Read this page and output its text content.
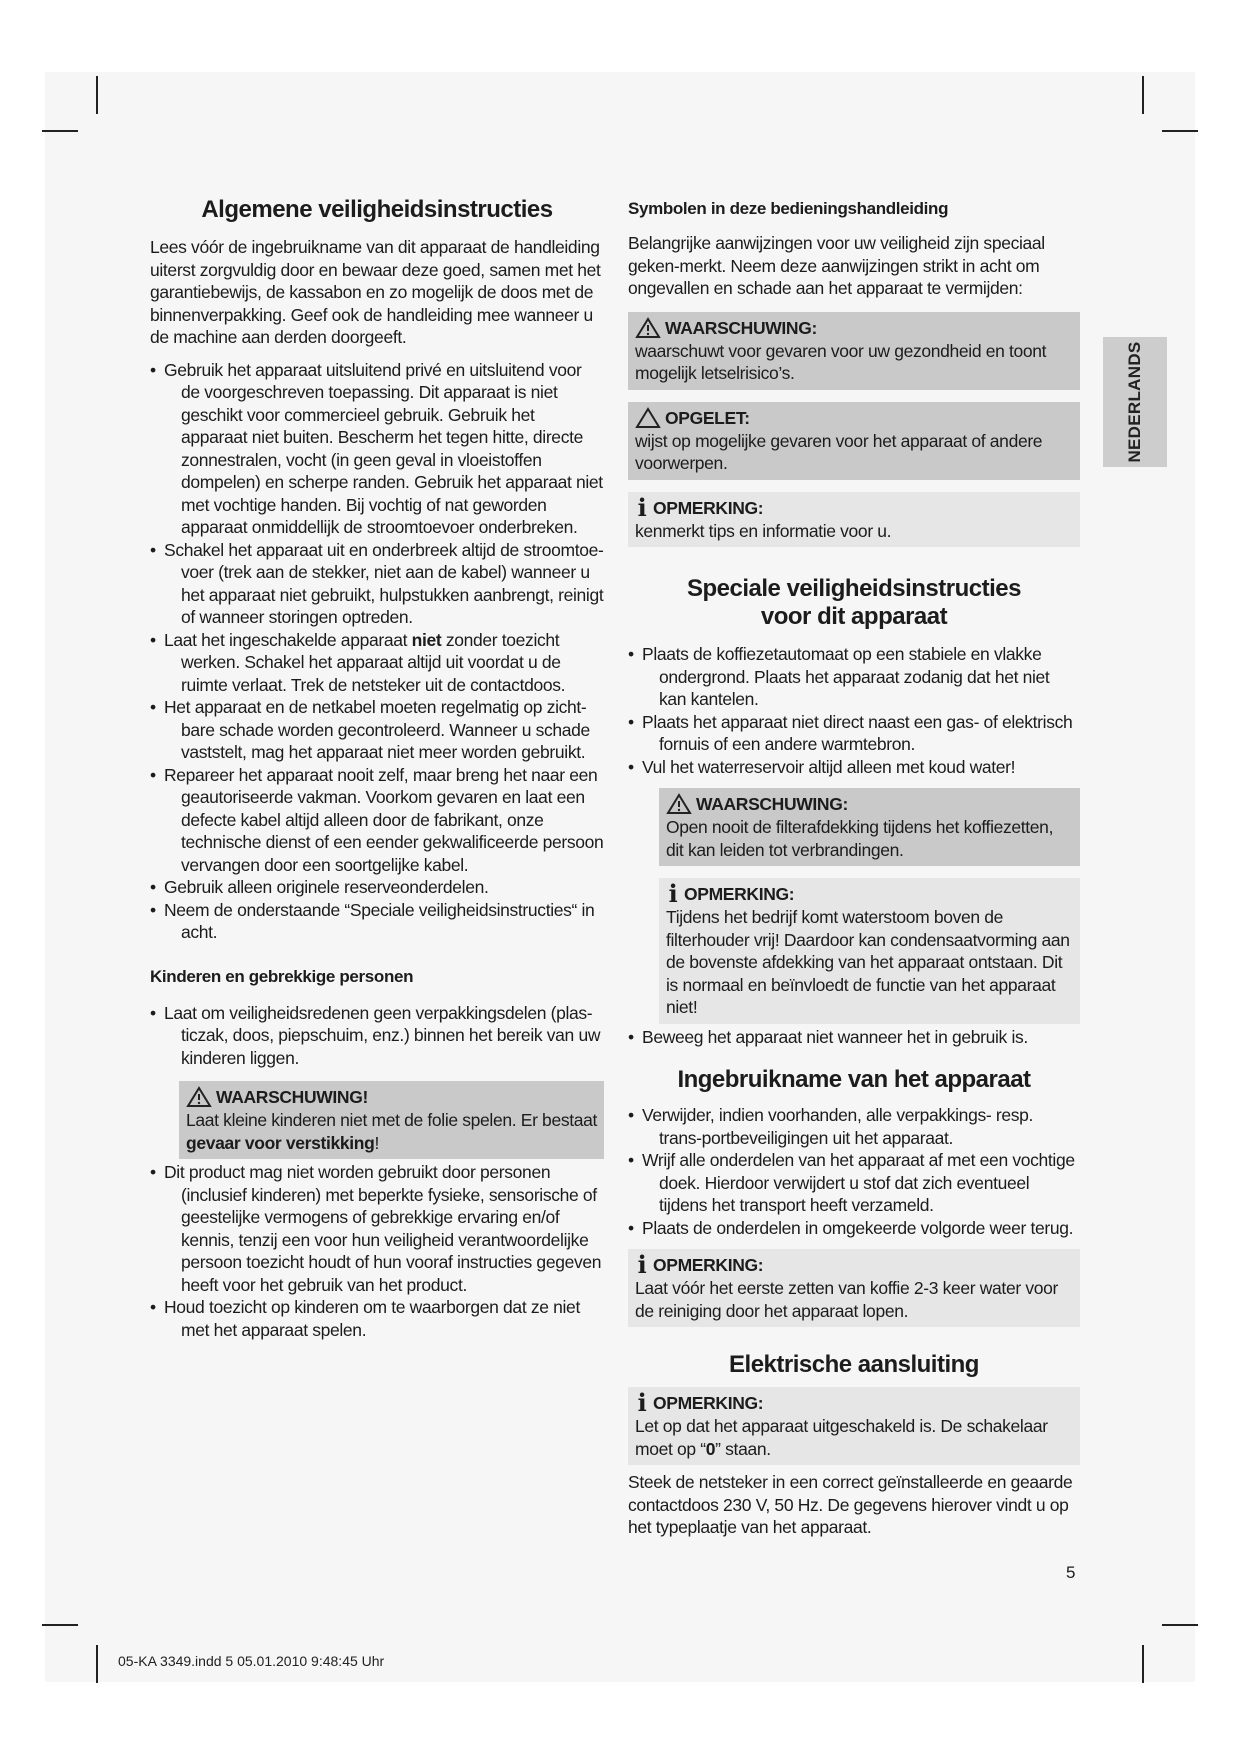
NEDERLANDS
Algemene veiligheidsinstructies

Lees vóór de ingebruikname van dit apparaat de handleiding uiterst zorgvuldig door en bewaar deze goed, samen met het garantiebewijs, de kassabon en zo mogelijk de doos met de binnenverpakking. Geef ook de handleiding mee wanneer u de machine aan derden doorgeeft.

• Gebruik het apparaat uitsluitend privé en uitsluitend voor de voorgeschreven toepassing. Dit apparaat is niet geschikt voor commercieel gebruik. Gebruik het apparaat niet buiten. Bescherm het tegen hitte, directe zonnestralen, vocht (in geen geval in vloeistoffen dompelen) en scherpe randen. Gebruik het apparaat niet met vochtige handen. Bij vochtig of nat geworden apparaat onmiddellijk de stroomtoevoer onderbreken.
• Schakel het apparaat uit en onderbreek altijd de stroomtoe-voer (trek aan de stekker, niet aan de kabel) wanneer u het apparaat niet gebruikt, hulpstukken aanbrengt, reinigt of wanneer storingen optreden.
• Laat het ingeschakelde apparaat niet zonder toezicht werken. Schakel het apparaat altijd uit voordat u de ruimte verlaat. Trek de netsteker uit de contactdoos.
• Het apparaat en de netkabel moeten regelmatig op zicht-bare schade worden gecontroleerd. Wanneer u schade vaststelt, mag het apparaat niet meer worden gebruikt.
• Repareer het apparaat nooit zelf, maar breng het naar een geautoriseerde vakman. Voorkom gevaren en laat een defecte kabel altijd alleen door de fabrikant, onze technische dienst of een eender gekwalificeerde persoon vervangen door een soortgelijke kabel.
• Gebruik alleen originele reserveonderdelen.
• Neem de onderstaande “Speciale veiligheidsinstructies“ in acht.
Kinderen en gebrekkige personen
• Laat om veiligheidsredenen geen verpakkingsdelen (plas-ticzak, doos, piepschuim, enz.) binnen het bereik van uw kinderen liggen.
WAARSCHUWING!
Laat kleine kinderen niet met de folie spelen. Er bestaat gevaar voor verstikking!
• Dit product mag niet worden gebruikt door personen (inclusief kinderen) met beperkte fysieke, sensorische of geestelijke vermogens of gebrekkige ervaring en/of kennis, tenzij een voor hun veiligheid verantwoordelijke persoon toezicht houdt of hun vooraf instructies gegeven heeft voor het gebruik van het product.
• Houd toezicht op kinderen om te waarborgen dat ze niet met het apparaat spelen.
Symbolen in deze bedieningshandleiding

Belangrijke aanwijzingen voor uw veiligheid zijn speciaal geken-merkt. Neem deze aanwijzingen strikt in acht om ongevallen en schade aan het apparaat te vermijden:

WAARSCHUWING:
waarschuwt voor gevaren voor uw gezondheid en toont mogelijk letselrisico’s.
OPGELET:
wijst op mogelijke gevaren voor het apparaat of andere voorwerpen.
i OPMERKING:
kenmerkt tips en informatie voor u.
Speciale veiligheidsinstructies
voor dit apparaat
• Plaats de koffiezetautomaat op een stabiele en vlakke ondergrond. Plaats het apparaat zodanig dat het niet kan kantelen.
• Plaats het apparaat niet direct naast een gas- of elektrisch fornuis of een andere warmtebron.
• Vul het waterreservoir altijd alleen met koud water!
WAARSCHUWING:
Open nooit de filterafdekking tijdens het koffiezetten, dit kan leiden tot verbrandingen.
i OPMERKING:
Tijdens het bedrijf komt waterstoom boven de filterhouder vrij! Daardoor kan condensaatvorming aan de bovenste afdekking van het apparaat ontstaan. Dit is normaal en beïnvloedt de functie van het apparaat niet!
• Beweeg het apparaat niet wanneer het in gebruik is.
Ingebruikname van het apparaat
• Verwijder, indien voorhanden, alle verpakkings- resp. trans-portbeveiligingen uit het apparaat.
• Wrijf alle onderdelen van het apparaat af met een vochtige doek. Hierdoor verwijdert u stof dat zich eventueel tijdens het transport heeft verzameld.
• Plaats de onderdelen in omgekeerde volgorde weer terug.
i OPMERKING:
Laat vóór het eerste zetten van koffie 2-3 keer water voor de reiniging door het apparaat lopen.
Elektrische aansluiting
i OPMERKING:
Let op dat het apparaat uitgeschakeld is. De schakelaar moet op “0” staan.

Steek de netsteker in een correct geïnstalleerde en geaarde contactdoos 230 V, 50 Hz. De gegevens hierover vindt u op het typeplaatje van het apparaat.

5
05-KA 3349.indd 5 05.01.2010 9:48:45 Uhr
